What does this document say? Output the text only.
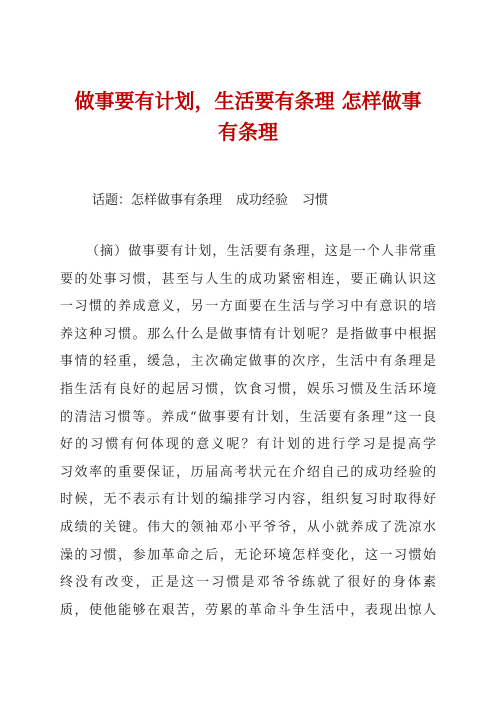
做事要有计划，生活要有条理 怎样做事
有条理
话题：怎样做事有条理 成功经验 习惯
（摘）做事要有计划，生活要有条理，这是一个人非常重
要的处事习惯，甚至与人生的成功紧密相连，要正确认识这
一习惯的养成意义，另一方面要在生活与学习中有意识的培
养这种习惯。那么什么是做事情有计划呢？是指做事中根据
事情的轻重，缓急，主次确定做事的次序，生活中有条理是
指生活有良好的起居习惯，饮食习惯，娱乐习惯及生活环境
的清洁习惯等。养成“做事要有计划，生活要有条理”这一良
好的习惯有何体现的意义呢？有计划的进行学习是提高学
习效率的重要保证，历届高考状元在介绍自己的成功经验的
时候，无不表示有计划的编排学习内容，组织复习时取得好
成绩的关键。伟大的领袖邓小平爷爷，从小就养成了洗凉水
澡的习惯，参加革命之后，无论环境怎样变化，这一习惯始
终没有改变，正是这一习惯是邓爷爷练就了很好的身体素
质，使他能够在艰苦，劳累的革命斗争生活中，表现出惊人
